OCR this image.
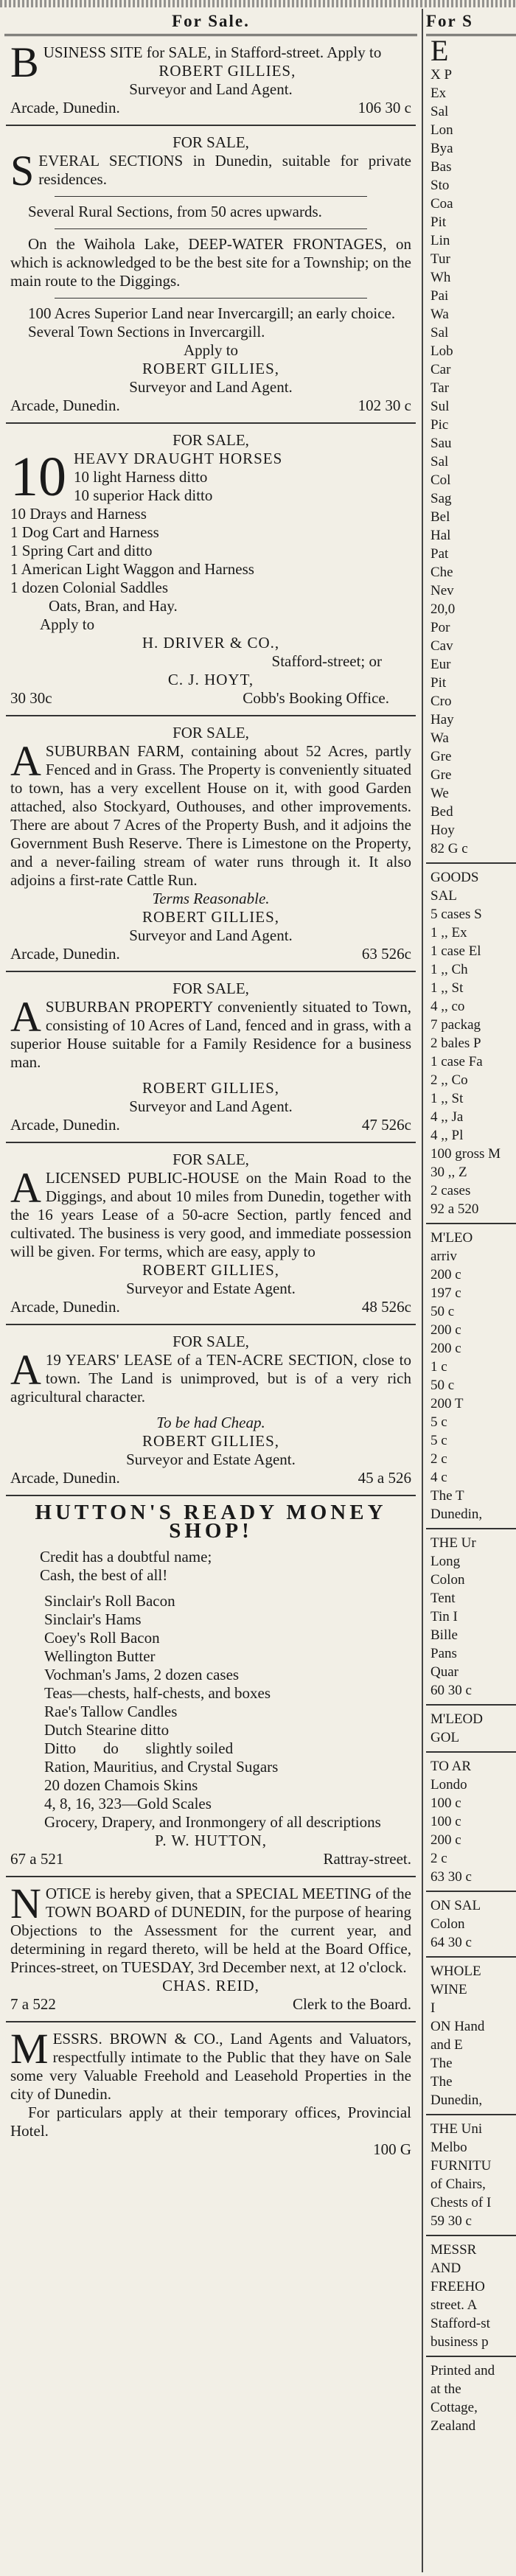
For Sale.
B USINESS SITE for SALE, in Stafford-street. Apply to

ROBERT GILLIES,

Surveyor and Land Agent.

Arcade, Dunedin.	106 30 c

FOR SALE,

S EVERAL SECTIONS in Dunedin, suitable for private residences.

Several Rural Sections, from 50 acres upwards.

On the Waihola Lake, DEEP-WATER FRONTAGES, on which is acknowledged to be the best site for a Township; on the main route to the Diggings.

100 Acres Superior Land near Invercargill; an early choice.

Several Town Sections in Invercargill.

Apply to

ROBERT GILLIES,

Surveyor and Land Agent.

Arcade, Dunedin.	102 30 c

FOR SALE,

10 HEAVY DRAUGHT HORSES

10 light Harness ditto

10 superior Hack ditto

10 Drays and Harness

1 Dog Cart and Harness

1 Spring Cart and ditto

1 American Light Waggon and Harness

1 dozen Colonial Saddles

Oats, Bran, and Hay.

Apply to

H. DRIVER & CO.,

Stafford-street; or

C. J. HOYT,

30 30c	Cobb's Booking Office.

FOR SALE,

A SUBURBAN FARM, containing about 52 Acres, partly Fenced and in Grass. The Property is conveniently situated to town, has a very excellent House on it, with good Garden attached, also Stockyard, Outhouses, and other improvements. There are about 7 Acres of the Property Bush, and it adjoins the Government Bush Reserve. There is Limestone on the Property, and a never-failing stream of water runs through it. It also adjoins a first-rate Cattle Run.

Terms Reasonable.

ROBERT GILLIES,

Surveyor and Land Agent.

Arcade, Dunedin.	63 526c

FOR SALE,

A SUBURBAN PROPERTY conveniently situated to Town, consisting of 10 Acres of Land, fenced and in grass, with a superior House suitable for a Family Residence for a business man.

ROBERT GILLIES,

Surveyor and Land Agent.

Arcade, Dunedin.	47 526c

FOR SALE,

A LICENSED PUBLIC-HOUSE on the Main Road to the Diggings, and about 10 miles from Dunedin, together with the 16 years Lease of a 50-acre Section, partly fenced and cultivated. The business is very good, and immediate possession will be given. For terms, which are easy, apply to

ROBERT GILLIES,

Surveyor and Estate Agent.

Arcade, Dunedin.	48 526c

FOR SALE,

A 19 YEARS' LEASE of a TEN-ACRE SECTION, close to town. The Land is unimproved, but is of a very rich agricultural character.

To be had Cheap.

ROBERT GILLIES,

Surveyor and Estate Agent.

Arcade, Dunedin.	45 a 526

HUTTON'S READY MONEY SHOP!

Credit has a doubtful name;

Cash, the best of all!

Sinclair's Roll Bacon

Sinclair's Hams

Coey's Roll Bacon

Wellington Butter

Vochman's Jams, 2 dozen cases

Teas—chests, half-chests, and boxes

Rae's Tallow Candles

Dutch Stearine ditto

Ditto       do       slightly soiled

Ration, Mauritius, and Crystal Sugars

20 dozen Chamois Skins

4, 8, 16, 323—Gold Scales

Grocery, Drapery, and Ironmongery of all descriptions

P. W. HUTTON,

67 a 521	Rattray-street.
N OTICE is hereby given, that a SPECIAL MEETING of the TOWN BOARD of DUNEDIN, for the purpose of hearing Objections to the Assessment for the current year, and determining in regard thereto, will be held at the Board Office, Princes-street, on TUESDAY, 3rd December next, at 12 o'clock.

CHAS. REID,

7 a 522	Clerk to the Board.
M ESSRS. BROWN & CO., Land Agents and Valuators, respectfully intimate to the Public that they have on Sale some very Valuable Freehold and Leasehold Properties in the city of Dunedin.

For particulars apply at their temporary offices, Provincial Hotel.

100 G

For S
E
X P
Ex
Sal
Lon
Bya
Bas
Sto
Coa
Pit
Lin
Tur
Wh
Pai
Wa
Sal
Lob
Car
Tar
Sul
Pic
Sau
Sal
Col
Sag
Bel
Hal
Pat
Che
Nev
20,0
Por
Cav
Eur
Pit
Cro
Hay
Wa
Gre
Gre
We
Bed
Hoy
82 G c
GOODS
SAL
5 cases S
1 ,, Ex
1 case El
1 ,, Ch
1 ,, St
4 ,, co
7 packag
2 bales P
1 case Fa
2 ,, Co
1 ,, St
4 ,, Ja
4 ,, Pl
100 gross M
30 ,, Z
2 cases
92 a 520
M'LEO
arriv
200 c
197 c
50 c
200 c
200 c
1 c
50 c
200 T
5 c
5 c
2 c
4 c
The T
Dunedin,
THE Ur
Long
Colon
Tent
Tin I
Bille
Pans
Quar
60 30 c
M'LEOD
GOL
TO AR
Londo
100 c
100 c
200 c
2 c
63 30 c
ON SAL
Colon
64 30 c
WHOLE
WINE
I
ON Hand
and E
The
The
Dunedin,
THE Uni
Melbo
FURNITU
of Chairs,
Chests of I
59 30 c
MESSR
AND
FREEHO
street. A
Stafford-st
business p
Printed and
at the
Cottage,
Zealand
